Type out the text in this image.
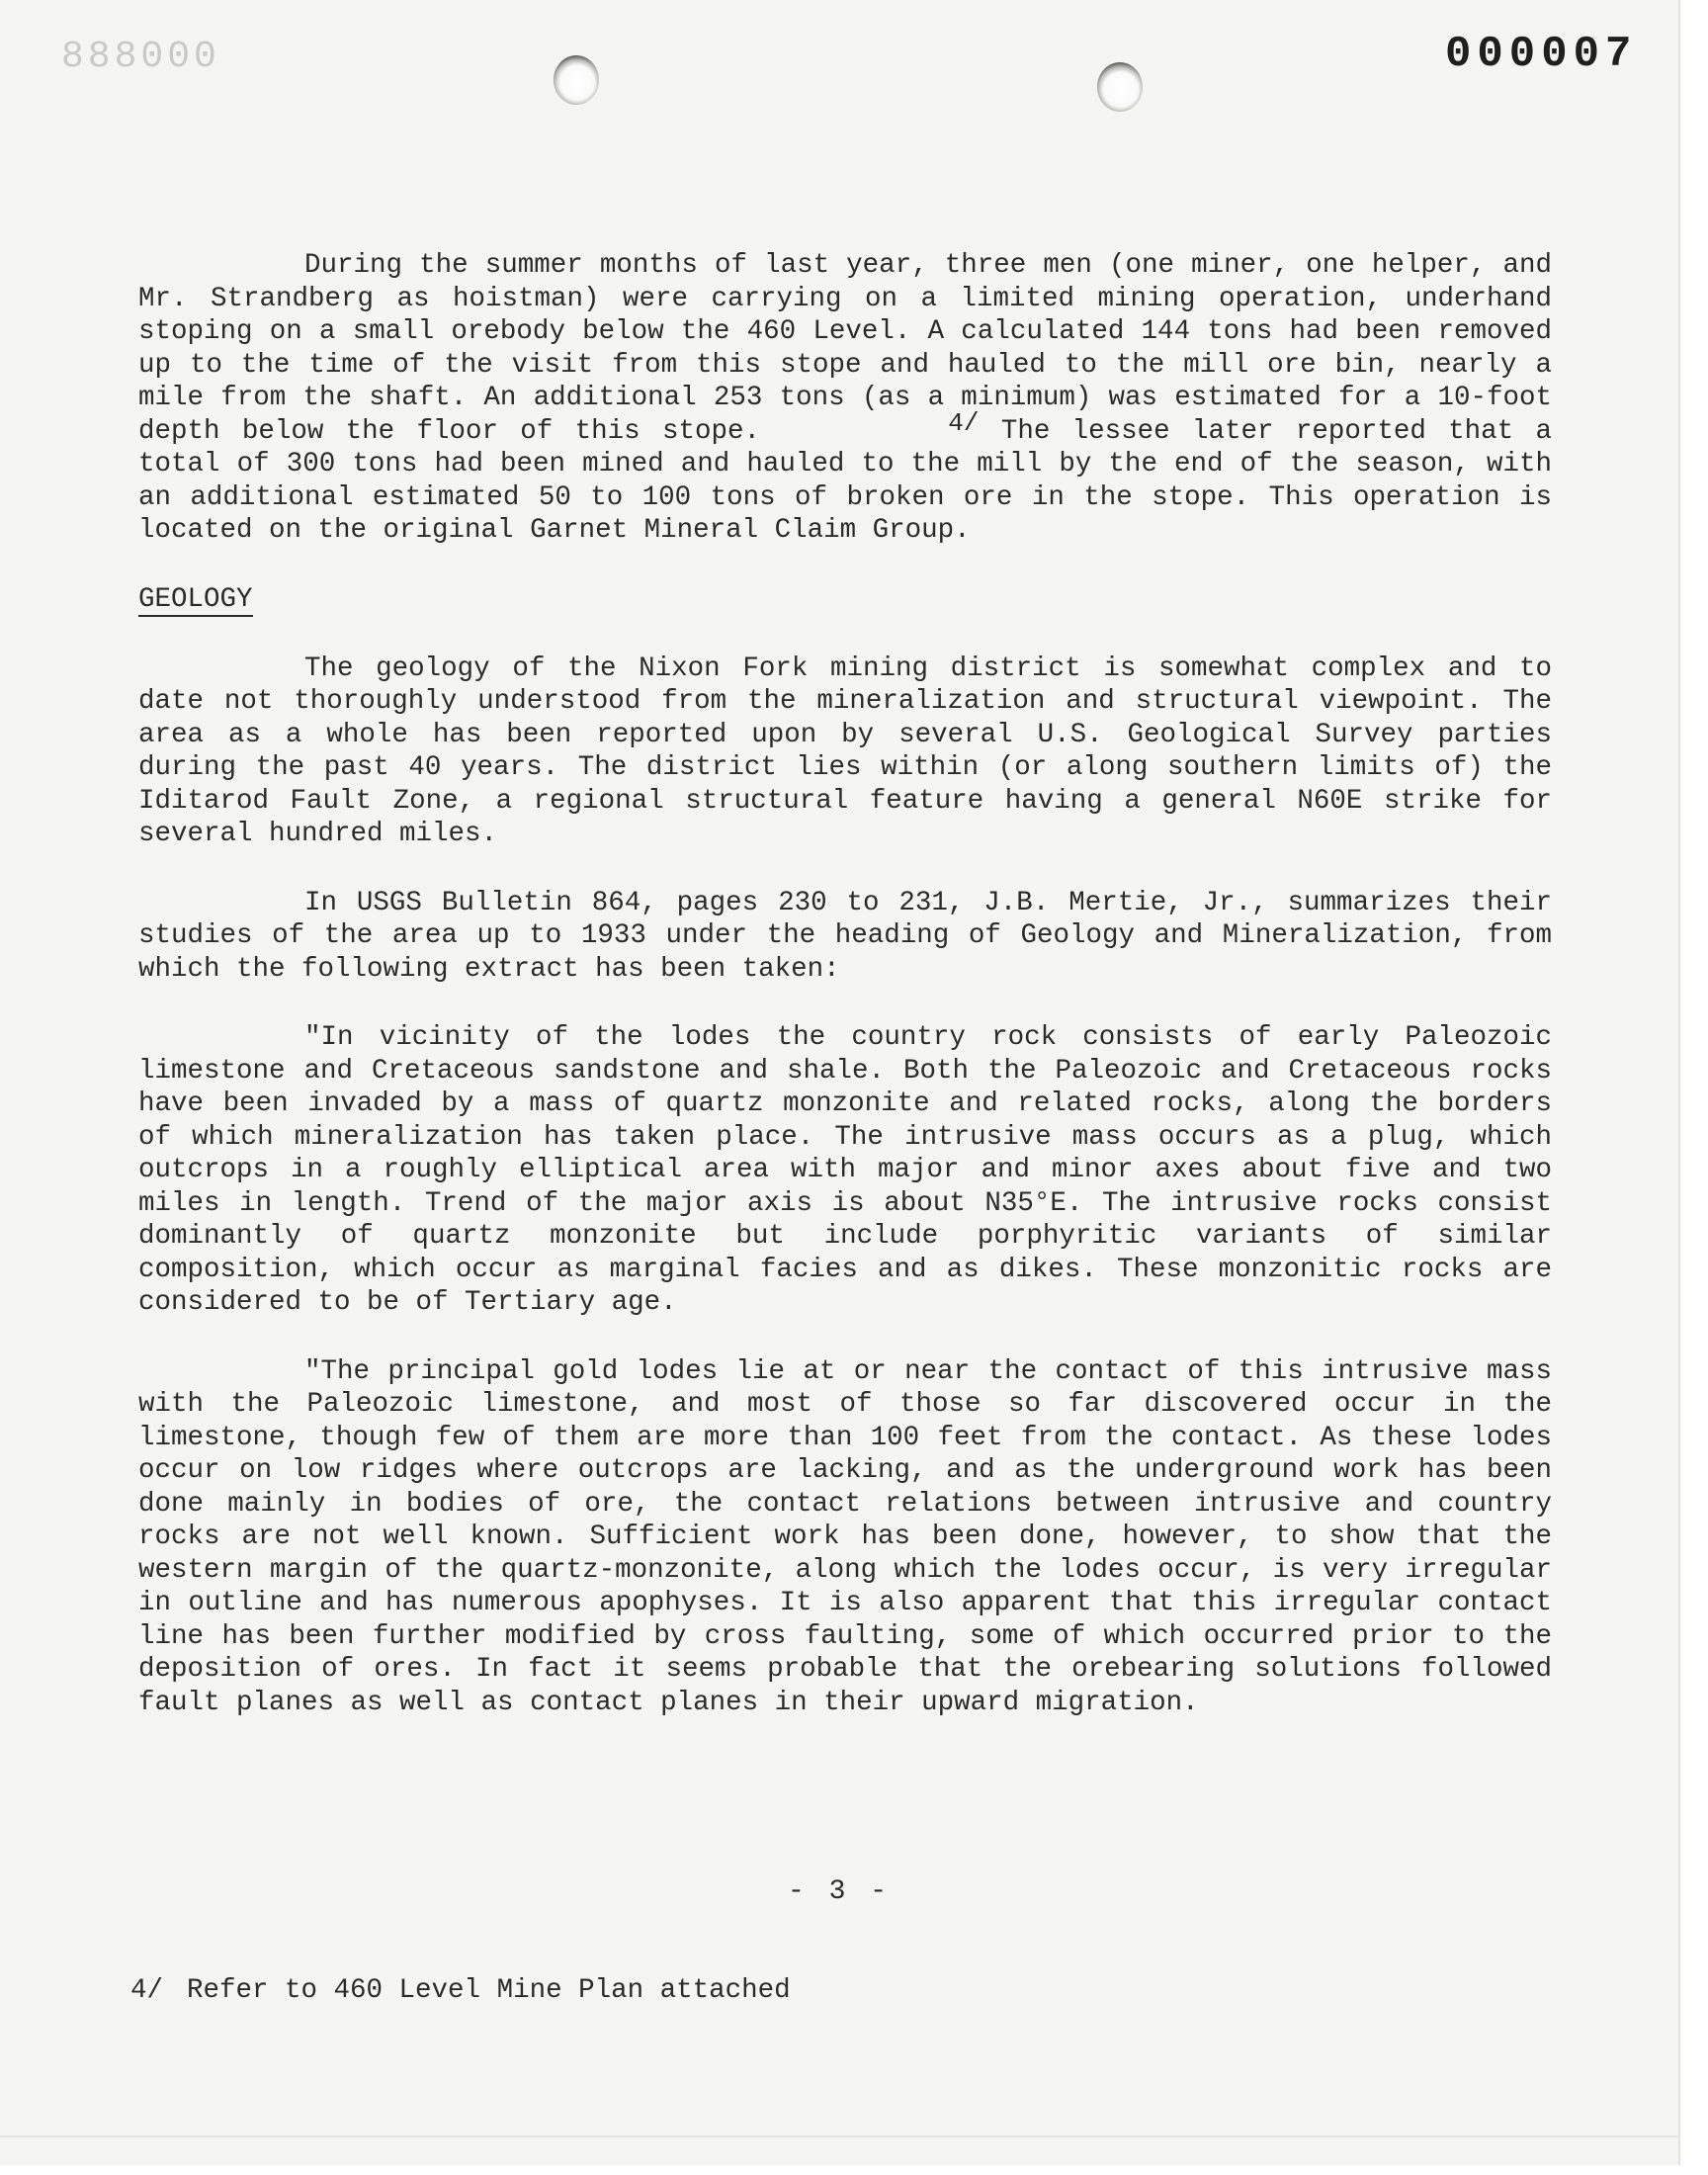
888000	000007

During the summer months of last year, three men (one miner, one helper, and Mr. Strandberg as hoistman) were carrying on a limited mining operation, underhand stoping on a small orebody below the 460 Level. A calculated 144 tons had been removed up to the time of the visit from this stope and hauled to the mill ore bin, nearly a mile from the shaft. An additional 253 tons (as a minimum) was estimated for a 10-foot depth below the floor of this stope.	4/ The lessee later reported that a total of 300 tons had been mined and hauled to the mill by the end of the season, with an additional estimated 50 to 100 tons of broken ore in the stope. This operation is located on the original Garnet Mineral Claim Group.

GEOLOGY

The geology of the Nixon Fork mining district is somewhat complex and to date not thoroughly understood from the mineralization and structural viewpoint. The area as a whole has been reported upon by several U.S. Geological Survey parties during the past 40 years. The district lies within (or along southern limits of) the Iditarod Fault Zone, a regional structural feature having a general N60E strike for several hundred miles.

In USGS Bulletin 864, pages 230 to 231, J.B. Mertie, Jr., summarizes their studies of the area up to 1933 under the heading of Geology and Mineralization, from which the following extract has been taken:

"In vicinity of the lodes the country rock consists of early Paleozoic limestone and Cretaceous sandstone and shale. Both the Paleozoic and Cretaceous rocks have been invaded by a mass of quartz monzonite and related rocks, along the borders of which mineralization has taken place. The intrusive mass occurs as a plug, which outcrops in a roughly elliptical area with major and minor axes about five and two miles in length. Trend of the major axis is about N35°E. The intrusive rocks consist dominantly of quartz monzonite but include porphyritic variants of similar composition, which occur as marginal facies and as dikes. These monzonitic rocks are considered to be of Tertiary age.

"The principal gold lodes lie at or near the contact of this intrusive mass with the Paleozoic limestone, and most of those so far discovered occur in the limestone, though few of them are more than 100 feet from the contact. As these lodes occur on low ridges where outcrops are lacking, and as the underground work has been done mainly in bodies of ore, the contact relations between intrusive and country rocks are not well known. Sufficient work has been done, however, to show that the western margin of the quartz-monzonite, along which the lodes occur, is very irregular in outline and has numerous apophyses. It is also apparent that this irregular contact line has been further modified by cross faulting, some of which occurred prior to the deposition of ores. In fact it seems probable that the orebearing solutions followed fault planes as well as contact planes in their upward migration.

- 3 -
4/ Refer to 460 Level Mine Plan attached
